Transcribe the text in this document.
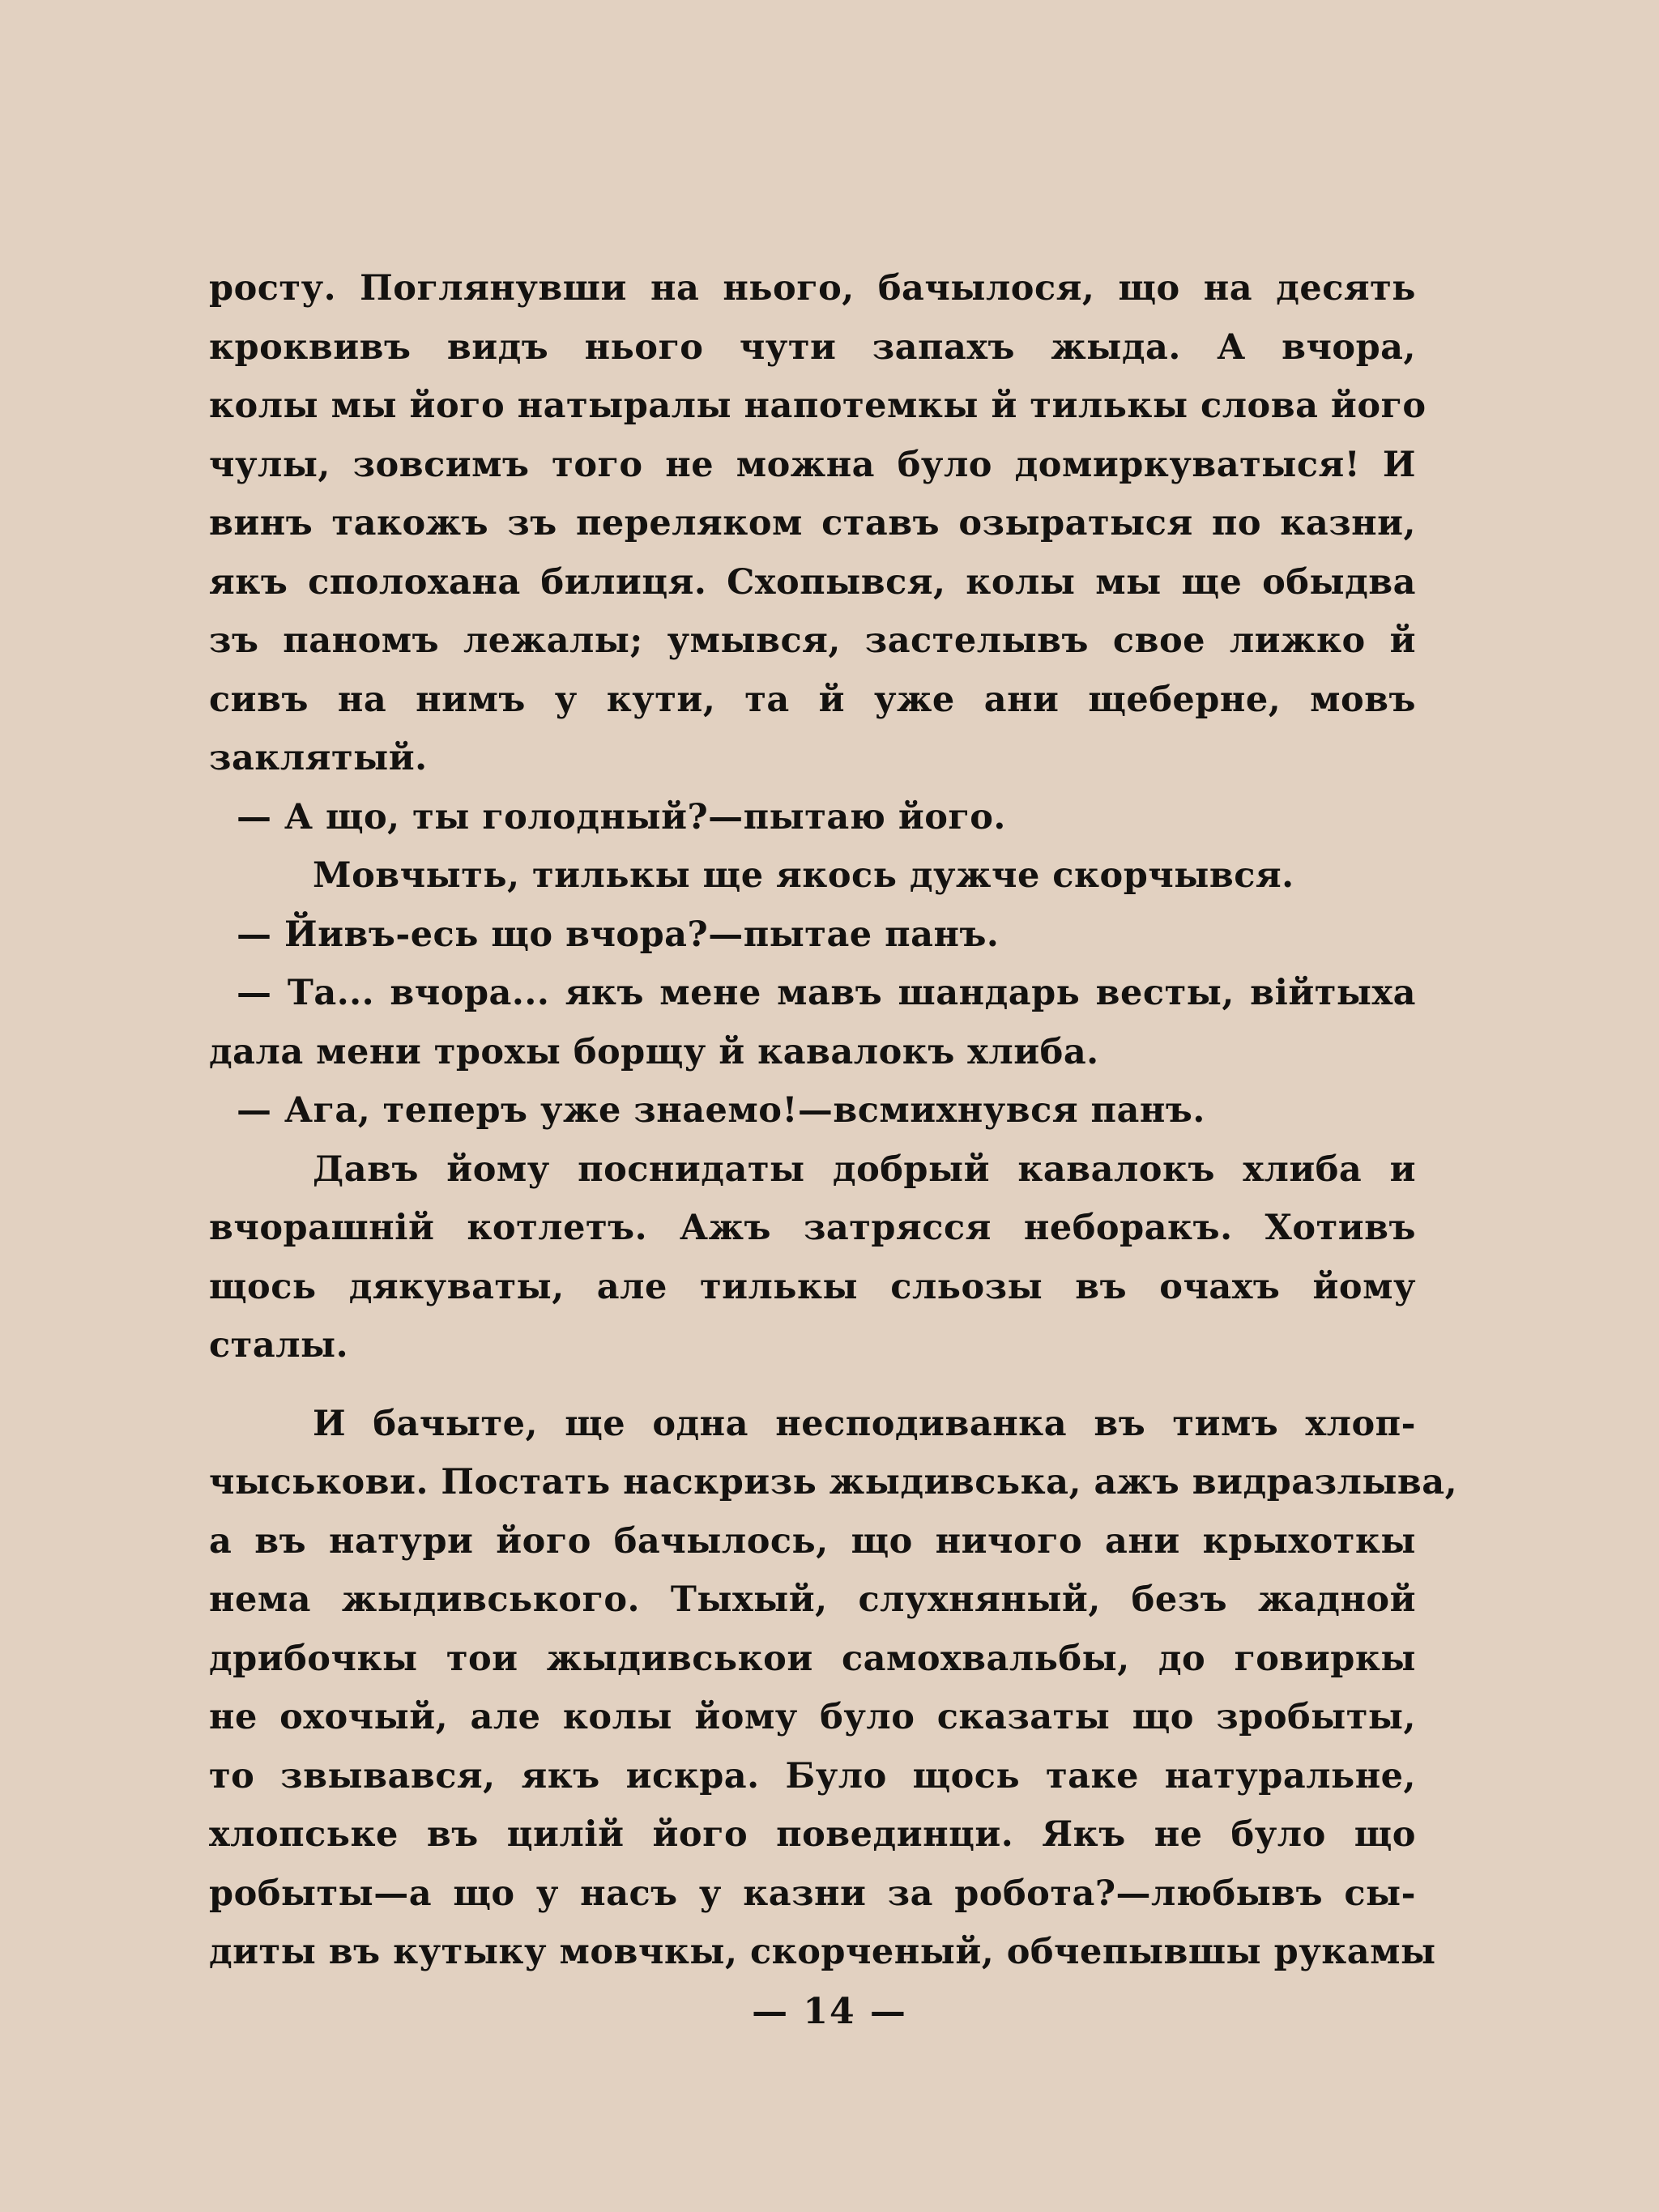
росту. Поглянувши на нього, бачылося, що на десять
кроквивъ видъ нього чути запахъ жыда. А вчора,
колы мы його натыралы напотемкы й тилькы слова його
чулы, зовсимъ того не можна було домиркуватыся! И
винъ такожъ зъ переляком ставъ озыратыся по казни,
якъ сполохана билиця. Схопывся, колы мы ще обыдва
зъ паномъ лежалы; умывся, застелывъ свое лижко й
сивъ на нимъ у кути, та й уже ани щеберне, мовъ
заклятый.
— А що, ты голодный?—пытаю його.
Мовчыть, тилькы ще якось дужче скорчывся.
— Йивъ-есь що вчора?—пытае панъ.
— Та... вчора... якъ мене мавъ шандарь весты, війтыха
дала мени трохы борщу й кавалокъ хлиба.
— Ага, теперъ уже знаемо!—всмихнувся панъ.
Давъ йому поснидаты добрый кавалокъ хлиба и
вчорашній котлетъ. Ажъ затрясся неборакъ. Хотивъ
щось дякуваты, але тилькы сльозы въ очахъ йому
сталы.
И бачыте, ще одна несподиванка въ тимъ хлоп-
чыськови. Постать наскризь жыдивська, ажъ видразлыва,
а въ натури його бачылось, що ничого ани крыхоткы
нема жыдивського. Тыхый, слухняный, безъ жадной
дрибочкы тои жыдивськои самохвальбы, до говиркы
не охочый, але колы йому було сказаты що зробыты,
то звывався, якъ искра. Було щось таке натуральне,
хлопське въ цилій його повединци. Якъ не було що
робыты—а що у насъ у казни за робота?—любывъ сы-
диты въ кутыку мовчкы, скорченый, обчепывшы рукамы
— 14 —
